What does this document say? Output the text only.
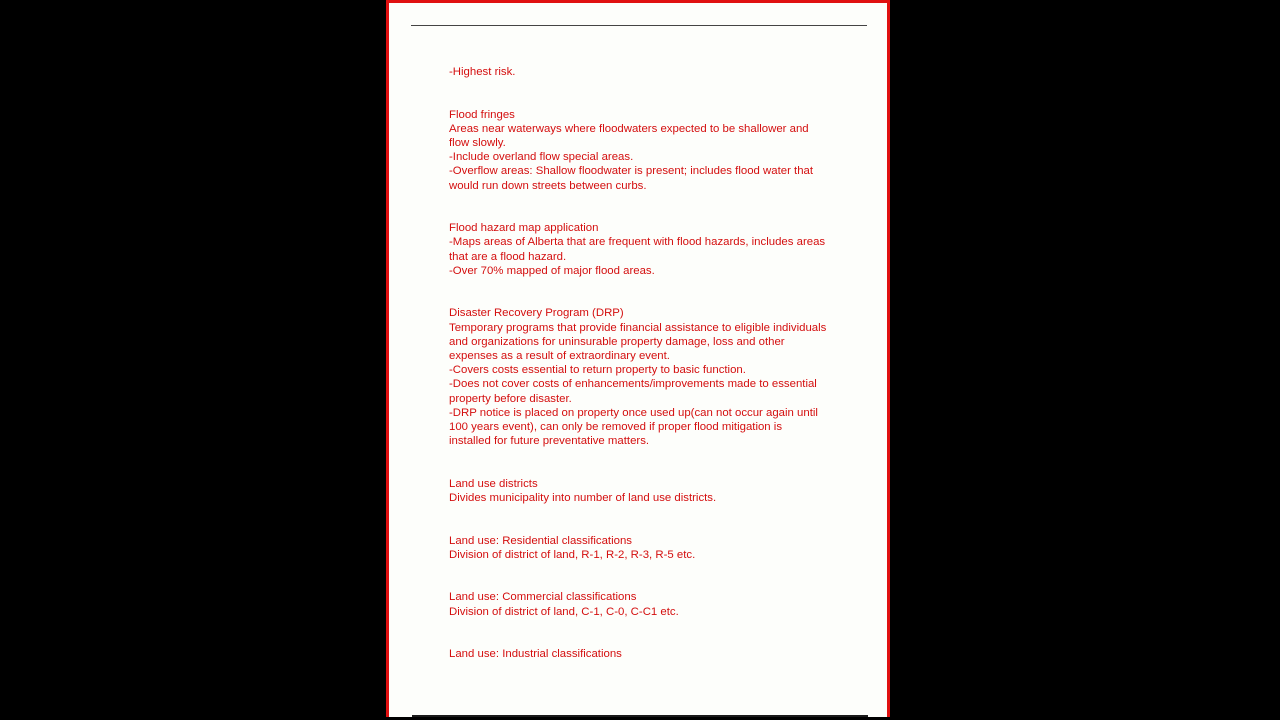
-Highest risk.
Flood fringes
Areas near waterways where floodwaters expected to be shallower and
flow slowly.
-Include overland flow special areas.
-Overflow areas: Shallow floodwater is present; includes flood water that
would run down streets between curbs.
Flood hazard map application
-Maps areas of Alberta that are frequent with flood hazards, includes areas
that are a flood hazard.
-Over 70% mapped of major flood areas.
Disaster Recovery Program (DRP)
Temporary programs that provide financial assistance to eligible individuals
and organizations for uninsurable property damage, loss and other
expenses as a result of extraordinary event.
-Covers costs essential to return property to basic function.
-Does not cover costs of enhancements/improvements made to essential
property before disaster.
-DRP notice is placed on property once used up(can not occur again until
100 years event), can only be removed if proper flood mitigation is
installed for future preventative matters.
Land use districts
Divides municipality into number of land use districts.
Land use: Residential classifications
Division of district of land, R-1, R-2, R-3, R-5 etc.
Land use: Commercial classifications
Division of district of land, C-1, C-0, C-C1 etc.
Land use: Industrial classifications
